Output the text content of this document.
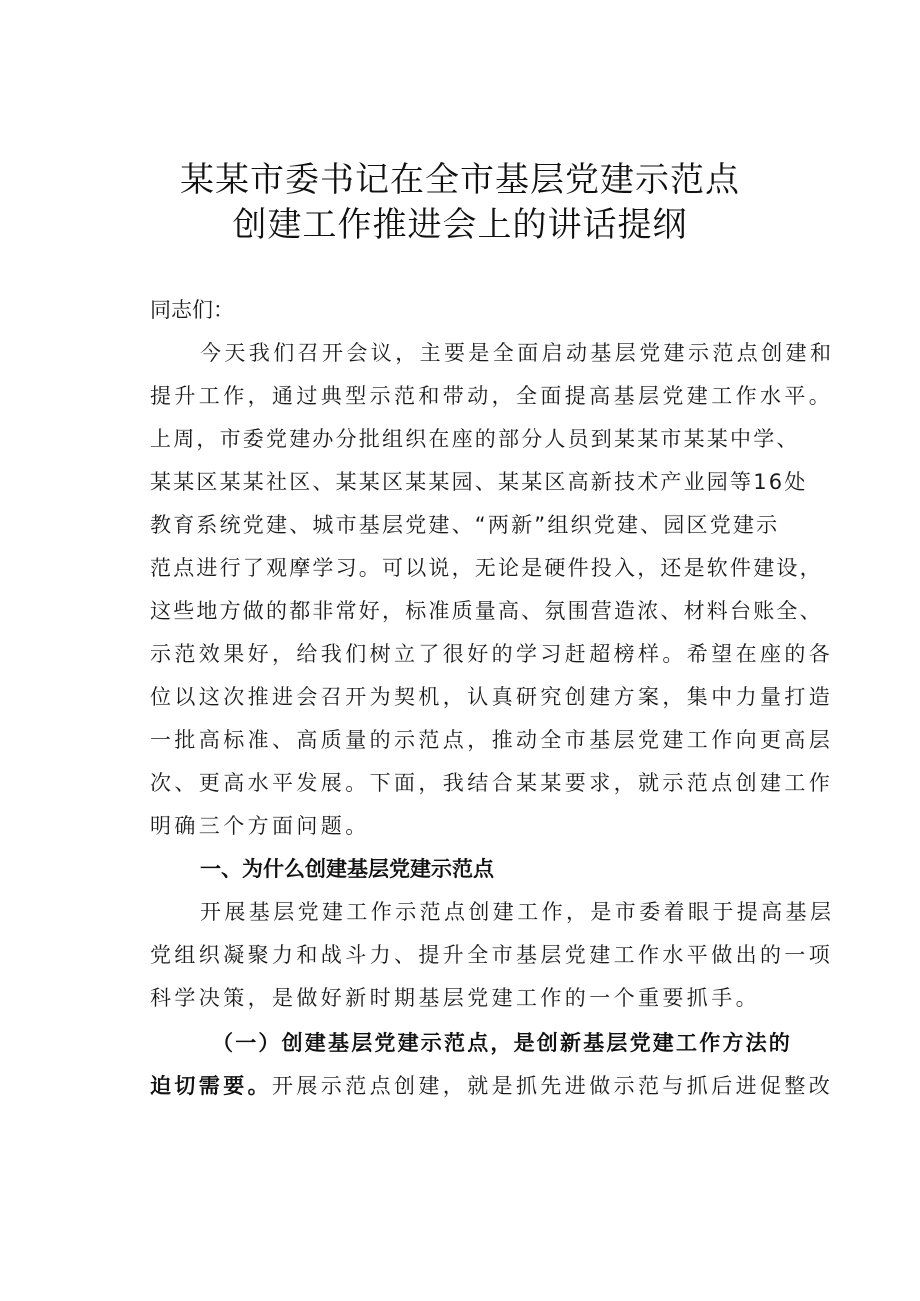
某某市委书记在全市基层党建示范点
创建工作推进会上的讲话提纲
同志们：
今天我们召开会议，主要是全面启动基层党建示范点创建和
提升工作，通过典型示范和带动，全面提高基层党建工作水平。
上周，市委党建办分批组织在座的部分人员到某某市某某中学、
某某区某某社区、某某区某某园、某某区高新技术产业园等16处
教育系统党建、城市基层党建、“两新”组织党建、园区党建示
范点进行了观摩学习。可以说，无论是硬件投入，还是软件建设，
这些地方做的都非常好，标准质量高、氛围营造浓、材料台账全、
示范效果好，给我们树立了很好的学习赶超榜样。希望在座的各
位以这次推进会召开为契机，认真研究创建方案，集中力量打造
一批高标准、高质量的示范点，推动全市基层党建工作向更高层
次、更高水平发展。下面，我结合某某要求，就示范点创建工作
明确三个方面问题。
一、为什么创建基层党建示范点
开展基层党建工作示范点创建工作，是市委着眼于提高基层
党组织凝聚力和战斗力、提升全市基层党建工作水平做出的一项
科学决策，是做好新时期基层党建工作的一个重要抓手。
（一）创建基层党建示范点，是创新基层党建工作方法的
迫切需要。开展示范点创建，就是抓先进做示范与抓后进促整改
